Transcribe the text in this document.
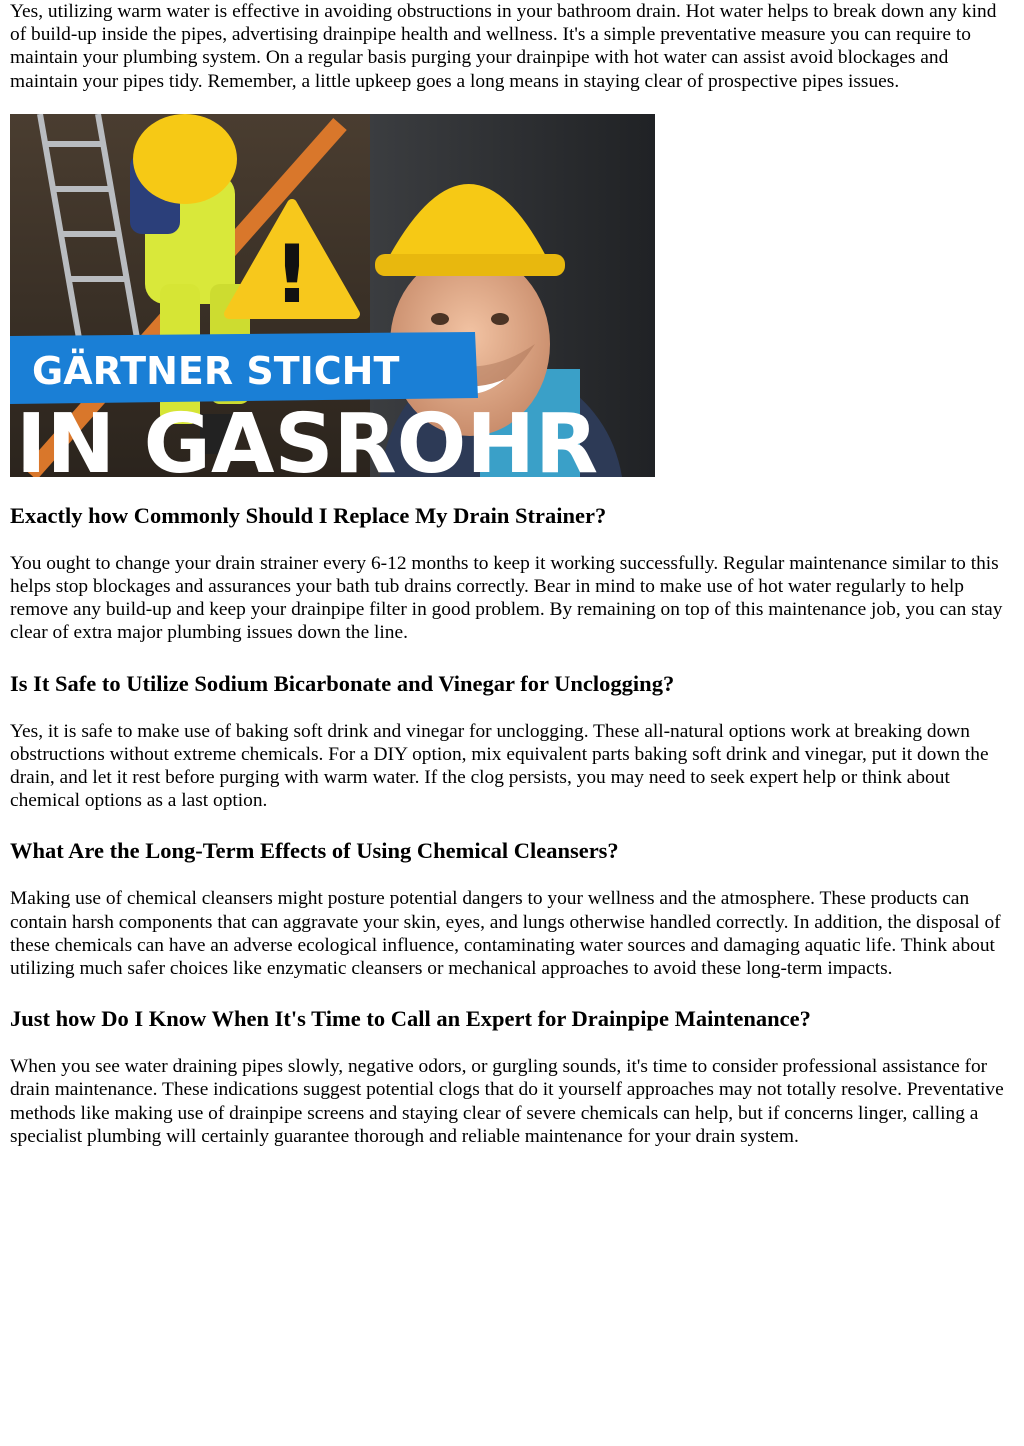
Yes, utilizing warm water is effective in avoiding obstructions in your bathroom drain. Hot water helps to break down any kind of build-up inside the pipes, advertising drainpipe health and wellness. It's a simple preventative measure you can require to maintain your plumbing system. On a regular basis purging your drainpipe with hot water can assist avoid blockages and maintain your pipes tidy. Remember, a little upkeep goes a long means in staying clear of prospective pipes issues.

!
GÄRTNER STICHT
IN GASROHR
Exactly how Commonly Should I Replace My Drain Strainer?

You ought to change your drain strainer every 6-12 months to keep it working successfully. Regular maintenance similar to this helps stop blockages and assurances your bath tub drains correctly. Bear in mind to make use of hot water regularly to help remove any build-up and keep your drainpipe filter in good problem. By remaining on top of this maintenance job, you can stay clear of extra major plumbing issues down the line.

Is It Safe to Utilize Sodium Bicarbonate and Vinegar for Unclogging?

Yes, it is safe to make use of baking soft drink and vinegar for unclogging. These all-natural options work at breaking down obstructions without extreme chemicals. For a DIY option, mix equivalent parts baking soft drink and vinegar, put it down the drain, and let it rest before purging with warm water. If the clog persists, you may need to seek expert help or think about chemical options as a last option.

What Are the Long-Term Effects of Using Chemical Cleansers?

Making use of chemical cleansers might posture potential dangers to your wellness and the atmosphere. These products can contain harsh components that can aggravate your skin, eyes, and lungs otherwise handled correctly. In addition, the disposal of these chemicals can have an adverse ecological influence, contaminating water sources and damaging aquatic life. Think about utilizing much safer choices like enzymatic cleansers or mechanical approaches to avoid these long-term impacts.

Just how Do I Know When It's Time to Call an Expert for Drainpipe Maintenance?

When you see water draining pipes slowly, negative odors, or gurgling sounds, it's time to consider professional assistance for drain maintenance. These indications suggest potential clogs that do it yourself approaches may not totally resolve. Preventative methods like making use of drainpipe screens and staying clear of severe chemicals can help, but if concerns linger, calling a specialist plumbing will certainly guarantee thorough and reliable maintenance for your drain system.
